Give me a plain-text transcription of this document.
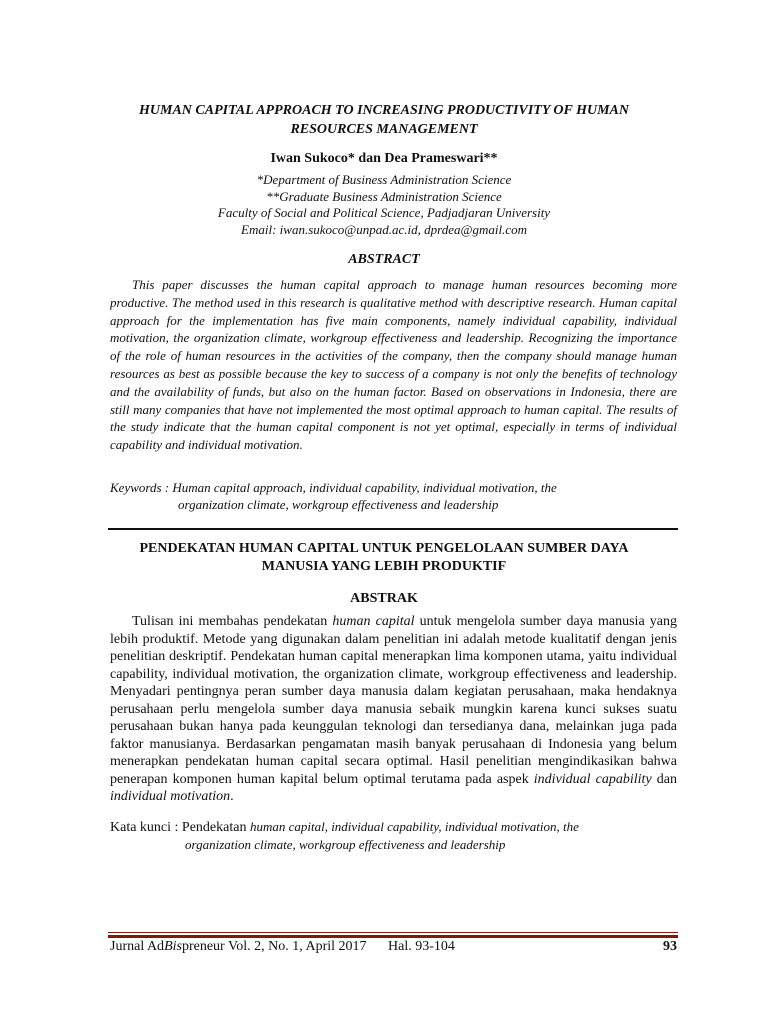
HUMAN CAPITAL APPROACH TO INCREASING PRODUCTIVITY OF HUMAN
RESOURCES MANAGEMENT
Iwan Sukoco* dan Dea Prameswari**
*Department of Business Administration Science
**Graduate Business Administration Science
Faculty of Social and Political Science, Padjadjaran University
Email: iwan.sukoco@unpad.ac.id, dprdea@gmail.com
ABSTRACT

This paper discusses the human capital approach to manage human resources becoming more productive. The method used in this research is qualitative method with descriptive research. Human capital approach for the implementation has five main components, namely individual capability, individual motivation, the organization climate, workgroup effectiveness and leadership. Recognizing the importance of the role of human resources in the activities of the company, then the company should manage human resources as best as possible because the key to success of a company is not only the benefits of technology and the availability of funds, but also on the human factor. Based on observations in Indonesia, there are still many companies that have not implemented the most optimal approach to human capital. The results of the study indicate that the human capital component is not yet optimal, especially in terms of individual capability and individual motivation.

Keywords : Human capital approach, individual capability, individual motivation, the
organization climate, workgroup effectiveness and leadership
PENDEKATAN HUMAN CAPITAL UNTUK PENGELOLAAN SUMBER DAYA
MANUSIA YANG LEBIH PRODUKTIF
ABSTRAK

Tulisan ini membahas pendekatan human capital untuk mengelola sumber daya manusia yang lebih produktif. Metode yang digunakan dalam penelitian ini adalah metode kualitatif dengan jenis penelitian deskriptif. Pendekatan human capital menerapkan lima komponen utama, yaitu individual capability, individual motivation, the organization climate, workgroup effectiveness and leadership. Menyadari pentingnya peran sumber daya manusia dalam kegiatan perusahaan, maka hendaknya perusahaan perlu mengelola sumber daya manusia sebaik mungkin karena kunci sukses suatu perusahaan bukan hanya pada keunggulan teknologi dan tersedianya dana, melainkan juga pada faktor manusianya. Berdasarkan pengamatan masih banyak perusahaan di Indonesia yang belum menerapkan pendekatan human capital secara optimal. Hasil penelitian mengindikasikan bahwa penerapan komponen human kapital belum optimal terutama pada aspek individual capability dan individual motivation.

Kata kunci : Pendekatan human capital, individual capability, individual motivation, the
organization climate, workgroup effectiveness and leadership
Jurnal AdBispreneur Vol. 2, No. 1, April 2017 Hal. 93-104	93
